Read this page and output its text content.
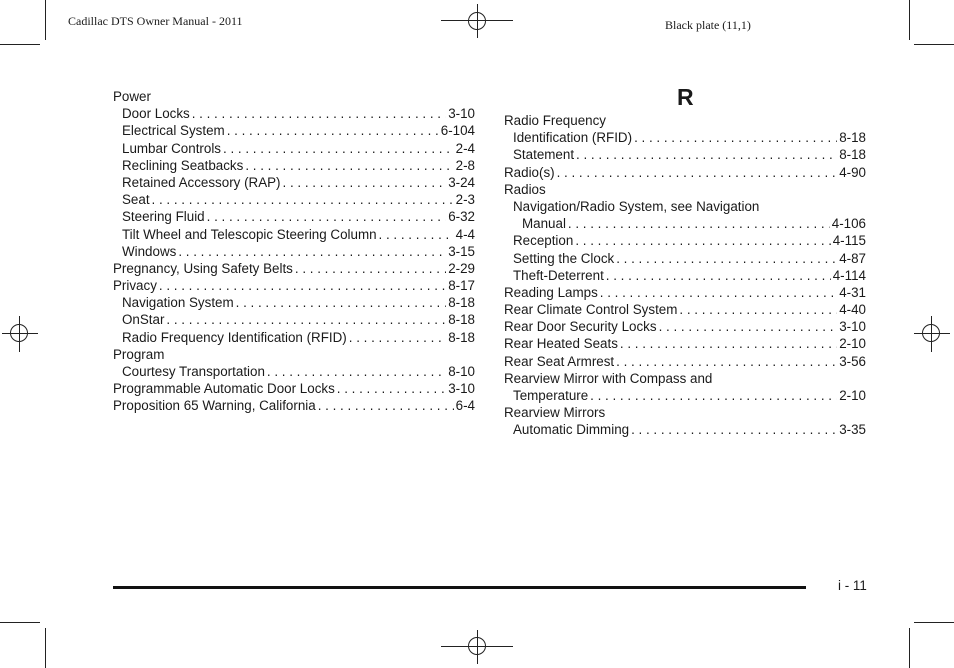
Cadillac DTS Owner Manual - 2011	Black plate (11,1)
Power
Door Locks . . .	3-10
Electrical System . . .	6-104
Lumbar Controls . . .	2-4
Reclining Seatbacks . . .	2-8
Retained Accessory (RAP) . . .	3-24
Seat . . .	2-3
Steering Fluid . . .	6-32
Tilt Wheel and Telescopic Steering Column . . .	4-4
Windows . . .	3-15
Pregnancy, Using Safety Belts . . .	2-29
Privacy . . .	8-17
Navigation System . . .	8-18
OnStar . . .	8-18
Radio Frequency Identification (RFID) . . .	8-18
Program
Courtesy Transportation . . .	8-10
Programmable Automatic Door Locks . . .	3-10
Proposition 65 Warning, California . . .	6-4
R
Radio Frequency
Identification (RFID) . . .	8-18
Statement . . .	8-18
Radio(s) . . .	4-90
Radios
Navigation/Radio System, see Navigation
Manual . . .	4-106
Reception . . .	4-115
Setting the Clock . . .	4-87
Theft-Deterrent . . .	4-114
Reading Lamps . . .	4-31
Rear Climate Control System . . .	4-40
Rear Door Security Locks . . .	3-10
Rear Heated Seats . . .	2-10
Rear Seat Armrest . . .	3-56
Rearview Mirror with Compass and
Temperature . . .	2-10
Rearview Mirrors
Automatic Dimming . . .	3-35
i - 11
